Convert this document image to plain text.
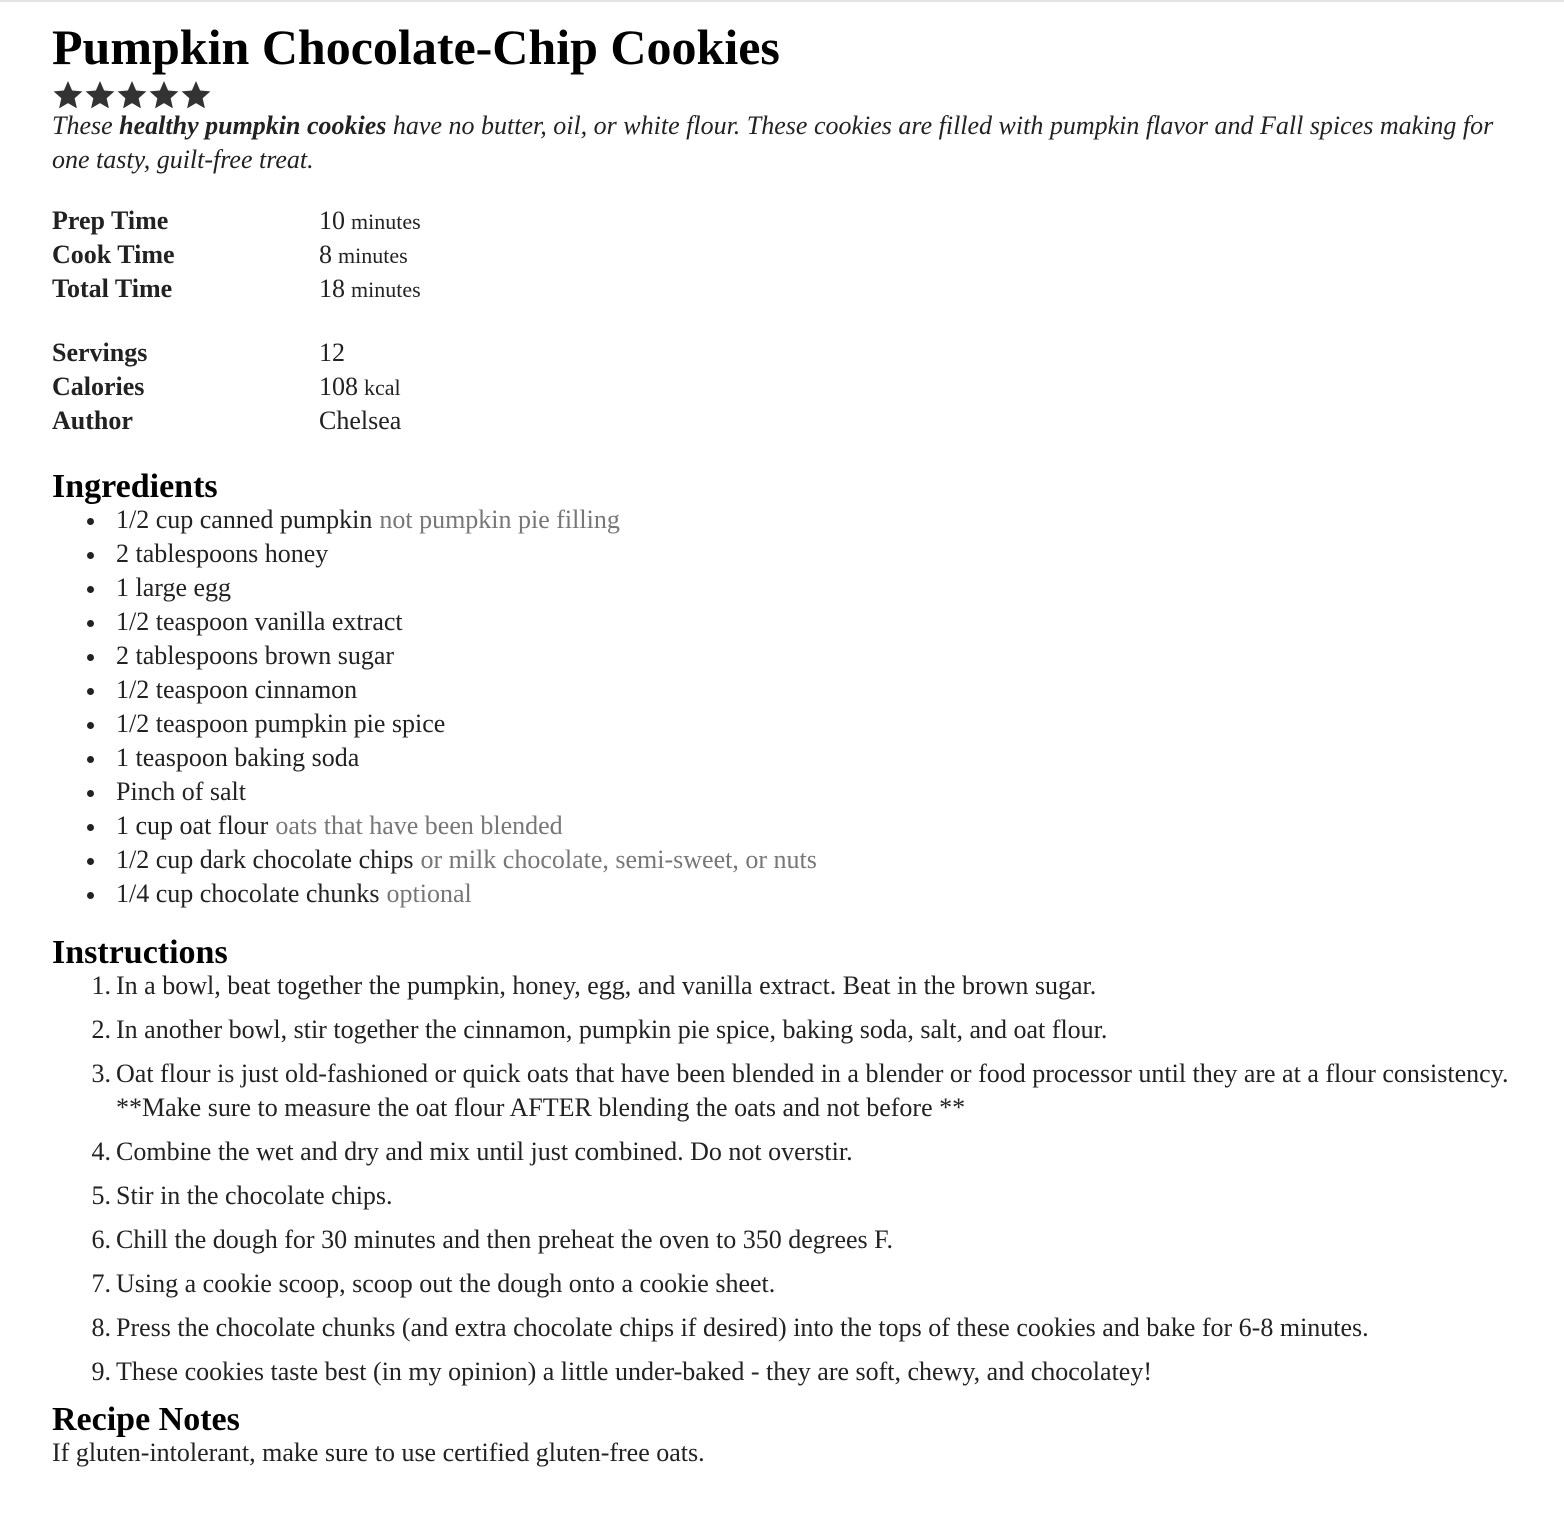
Pumpkin Chocolate-Chip Cookies

These healthy pumpkin cookies have no butter, oil, or white flour. These cookies are filled with pumpkin flavor and Fall spices making for one tasty, guilt-free treat.

Prep Time	10 minutes
Cook Time	8 minutes
Total Time	18 minutes
Servings	12
Calories	108 kcal
Author	Chelsea
Ingredients
1/2 cup canned pumpkin not pumpkin pie filling
2 tablespoons honey
1 large egg
1/2 teaspoon vanilla extract
2 tablespoons brown sugar
1/2 teaspoon cinnamon
1/2 teaspoon pumpkin pie spice
1 teaspoon baking soda
Pinch of salt
1 cup oat flour oats that have been blended
1/2 cup dark chocolate chips or milk chocolate, semi-sweet, or nuts
1/4 cup chocolate chunks optional
Instructions
1. In a bowl, beat together the pumpkin, honey, egg, and vanilla extract. Beat in the brown sugar.
2. In another bowl, stir together the cinnamon, pumpkin pie spice, baking soda, salt, and oat flour.
3. Oat flour is just old-fashioned or quick oats that have been blended in a blender or food processor until they are at a flour consistency. **Make sure to measure the oat flour AFTER blending the oats and not before **
4. Combine the wet and dry and mix until just combined. Do not overstir.
5. Stir in the chocolate chips.
6. Chill the dough for 30 minutes and then preheat the oven to 350 degrees F.
7. Using a cookie scoop, scoop out the dough onto a cookie sheet.
8. Press the chocolate chunks (and extra chocolate chips if desired) into the tops of these cookies and bake for 6-8 minutes.
9. These cookies taste best (in my opinion) a little under-baked - they are soft, chewy, and chocolatey!
Recipe Notes

If gluten-intolerant, make sure to use certified gluten-free oats.
